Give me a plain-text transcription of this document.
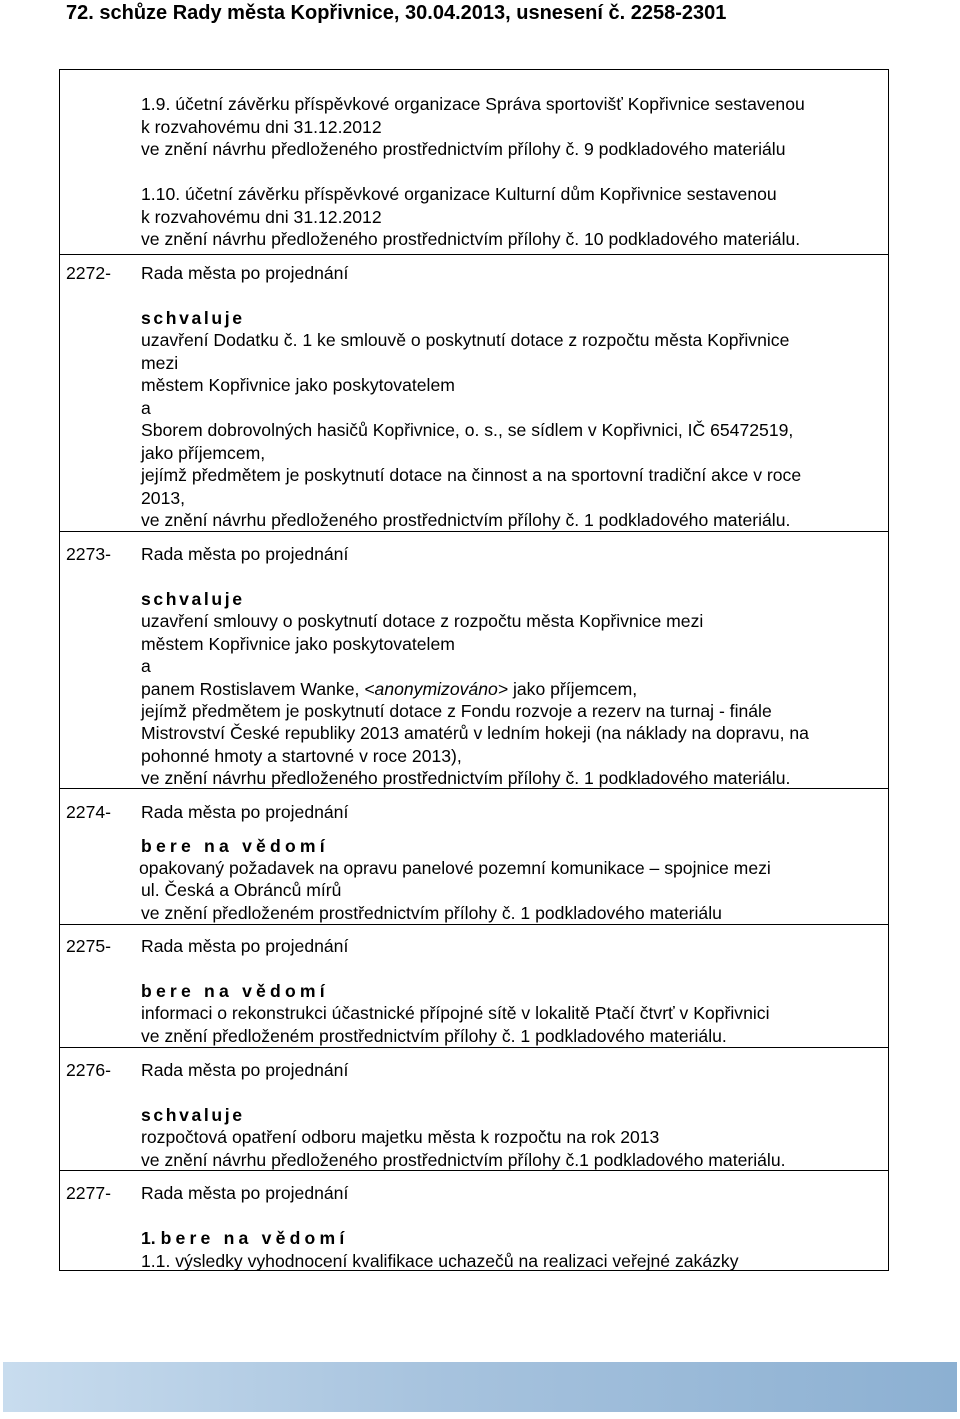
72. schůze Rady města Kopřivnice, 30.04.2013, usnesení č. 2258-2301
1.9. účetní závěrku příspěvkové organizace Správa sportovišť Kopřivnice sestavenou
k rozvahovému dni 31.12.2012
ve znění návrhu předloženého prostřednictvím přílohy č. 9 podkladového materiálu
1.10. účetní závěrku příspěvkové organizace Kulturní dům Kopřivnice sestavenou
k rozvahovému dni 31.12.2012
ve znění návrhu předloženého prostřednictvím přílohy č. 10 podkladového materiálu.
2272- Rada města po projednání
schvaluje
uzavření Dodatku č. 1 ke smlouvě o poskytnutí dotace z rozpočtu města Kopřivnice
mezi
městem Kopřivnice jako poskytovatelem
a
Sborem dobrovolných hasičů Kopřivnice, o. s., se sídlem v Kopřivnici, IČ 65472519,
jako příjemcem,
jejímž předmětem je poskytnutí dotace na činnost a na sportovní tradiční akce v roce
2013,
ve znění návrhu předloženého prostřednictvím přílohy č. 1 podkladového materiálu.
2273- Rada města po projednání
schvaluje
uzavření smlouvy o poskytnutí dotace z rozpočtu města Kopřivnice mezi
městem Kopřivnice jako poskytovatelem
a
panem Rostislavem Wanke, <anonymizováno> jako příjemcem,
jejímž předmětem je poskytnutí dotace z Fondu rozvoje a rezerv na turnaj - finále
Mistrovství České republiky 2013 amatérů v ledním hokeji (na náklady na dopravu, na
pohonné hmoty a startovné v roce 2013),
ve znění návrhu předloženého prostřednictvím přílohy č. 1 podkladového materiálu.
2274- Rada města po projednání
bere na vědomí
opakovaný požadavek na opravu panelové pozemní komunikace – spojnice mezi
ul. Česká a Obránců mírů
ve znění předloženém prostřednictvím přílohy č. 1 podkladového materiálu
2275- Rada města po projednání
bere na vědomí
informaci o rekonstrukci účastnické přípojné sítě v lokalitě Ptačí čtvrť v Kopřivnici
ve znění předloženém prostřednictvím přílohy č. 1 podkladového materiálu.
2276- Rada města po projednání
schvaluje
rozpočtová opatření odboru majetku města k rozpočtu na rok 2013
ve znění návrhu předloženého prostřednictvím přílohy č.1 podkladového materiálu.
2277- Rada města po projednání
1. bere na vědomí
1.1. výsledky vyhodnocení kvalifikace uchazečů na realizaci veřejné zakázky
